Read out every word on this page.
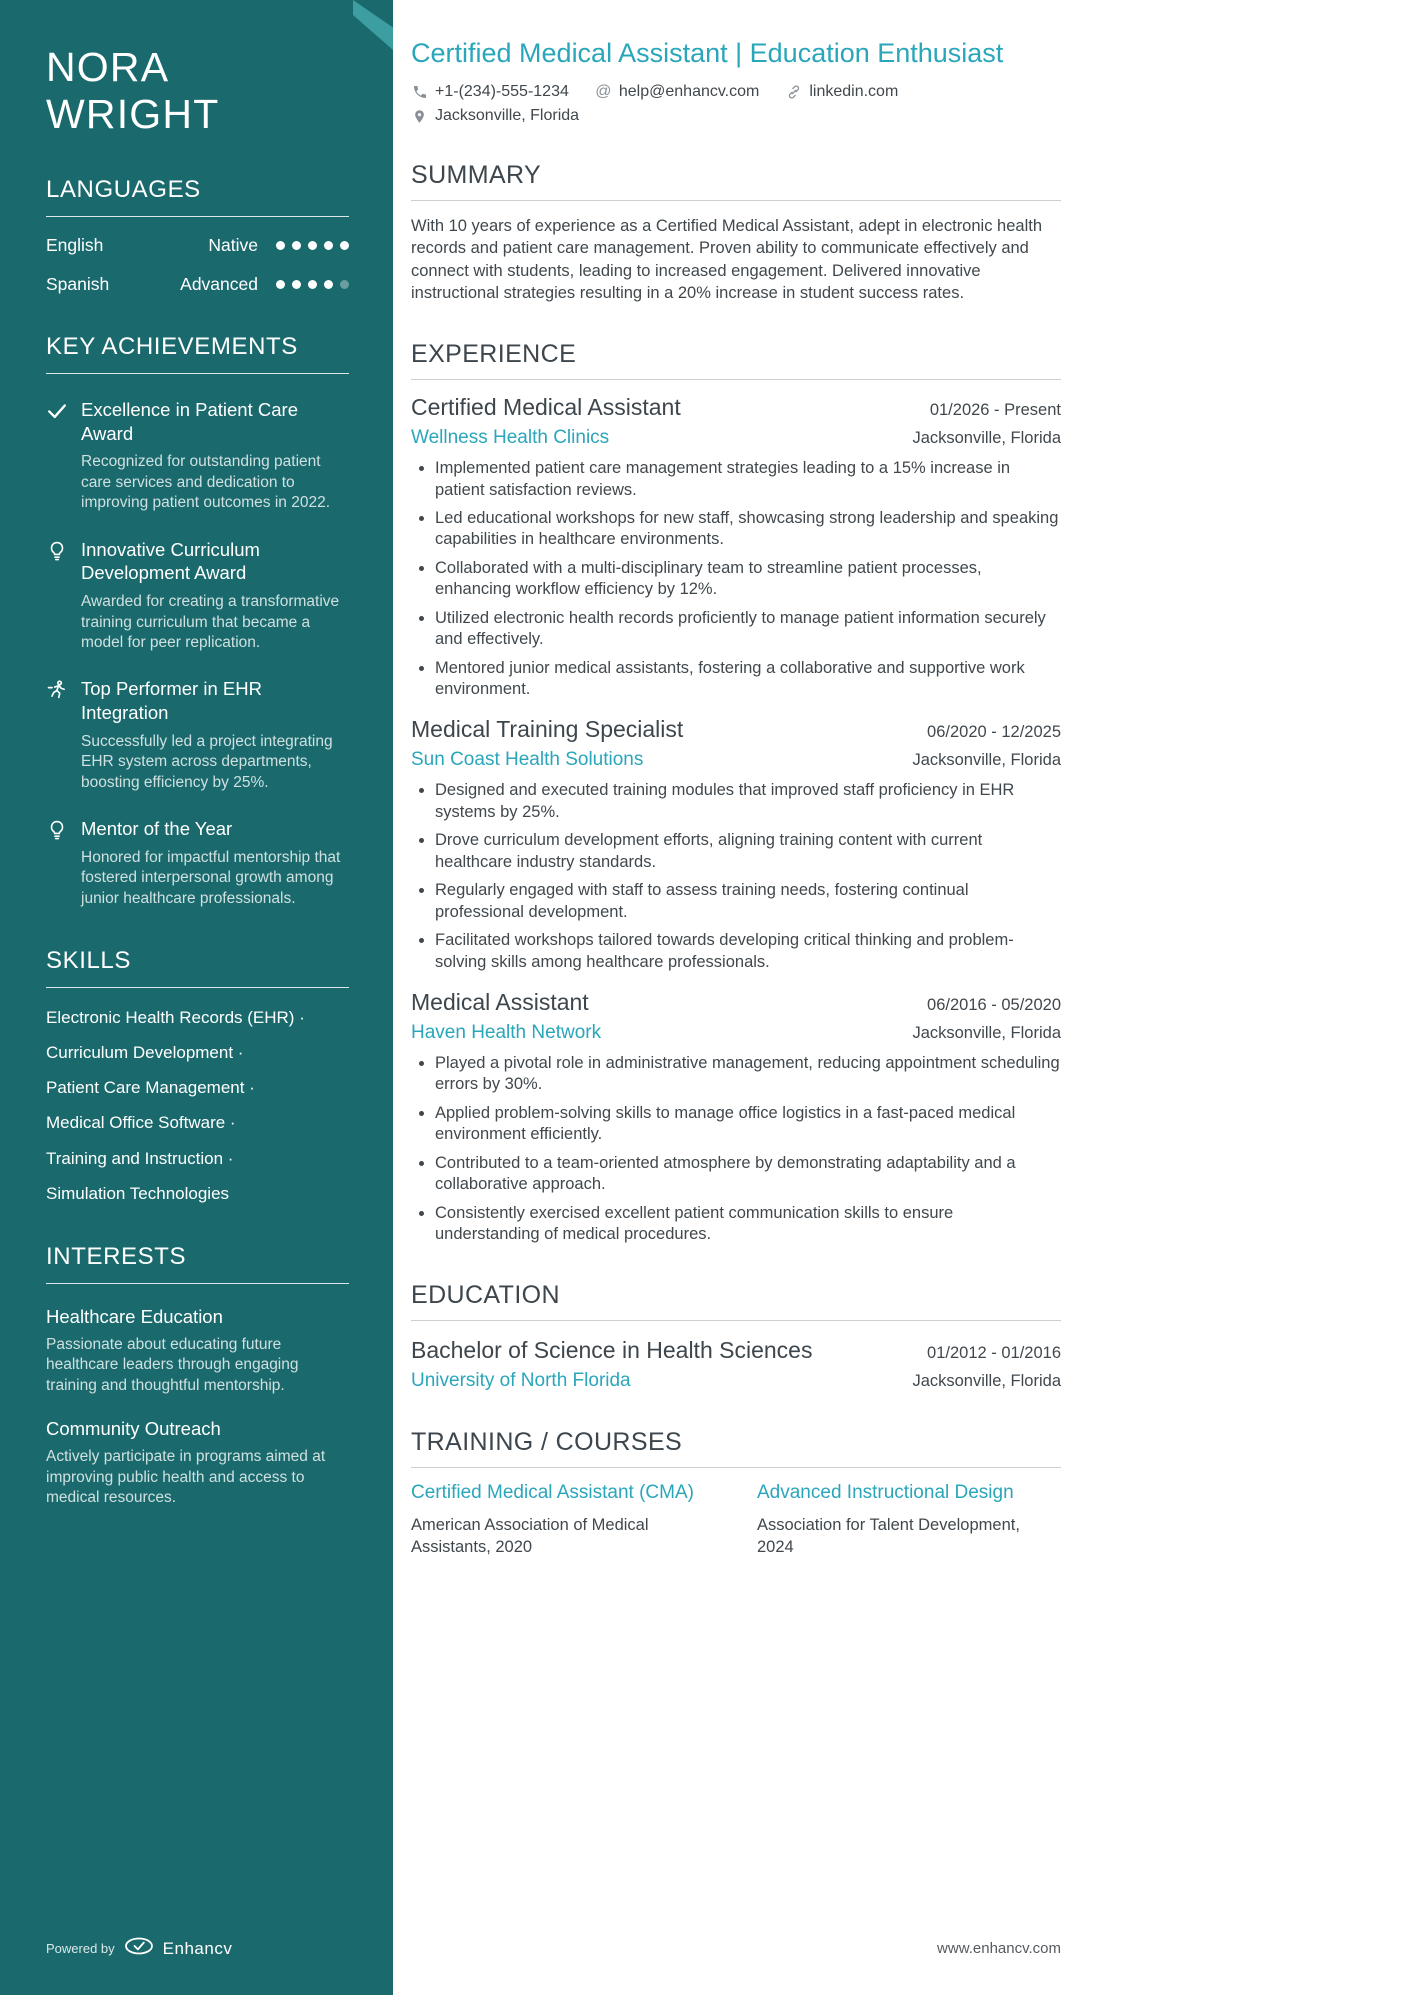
NORA WRIGHT
LANGUAGES
English	Native
Spanish	Advanced
KEY ACHIEVEMENTS
Excellence in Patient Care Award
Recognized for outstanding patient care services and dedication to improving patient outcomes in 2022.
Innovative Curriculum Development Award
Awarded for creating a transformative training curriculum that became a model for peer replication.
Top Performer in EHR Integration
Successfully led a project integrating EHR system across departments, boosting efficiency by 25%.
Mentor of the Year
Honored for impactful mentorship that fostered interpersonal growth among junior healthcare professionals.
SKILLS
Electronic Health Records (EHR) ·
Curriculum Development ·
Patient Care Management ·
Medical Office Software ·
Training and Instruction ·
Simulation Technologies
INTERESTS
Healthcare Education
Passionate about educating future healthcare leaders through engaging training and thoughtful mentorship.
Community Outreach
Actively participate in programs aimed at improving public health and access to medical resources.
Powered by	Enhancv
Certified Medical Assistant | Education Enthusiast
+1-(234)-555-1234 @ help@enhancv.com	linkedin.com
Jacksonville, Florida
SUMMARY

With 10 years of experience as a Certified Medical Assistant, adept in electronic health records and patient care management. Proven ability to communicate effectively and connect with students, leading to increased engagement. Delivered innovative instructional strategies resulting in a 20% increase in student success rates.

EXPERIENCE
Certified Medical Assistant	01/2026 - Present
Wellness Health Clinics	Jacksonville, Florida
• Implemented patient care management strategies leading to a 15% increase in patient satisfaction reviews.
• Led educational workshops for new staff, showcasing strong leadership and speaking capabilities in healthcare environments.
• Collaborated with a multi-disciplinary team to streamline patient processes, enhancing workflow efficiency by 12%.
• Utilized electronic health records proficiently to manage patient information securely and effectively.
• Mentored junior medical assistants, fostering a collaborative and supportive work environment.
Medical Training Specialist	06/2020 - 12/2025
Sun Coast Health Solutions	Jacksonville, Florida
• Designed and executed training modules that improved staff proficiency in EHR systems by 25%.
• Drove curriculum development efforts, aligning training content with current healthcare industry standards.
• Regularly engaged with staff to assess training needs, fostering continual professional development.
• Facilitated workshops tailored towards developing critical thinking and problem-solving skills among healthcare professionals.
Medical Assistant	06/2016 - 05/2020
Haven Health Network	Jacksonville, Florida
• Played a pivotal role in administrative management, reducing appointment scheduling errors by 30%.
• Applied problem-solving skills to manage office logistics in a fast-paced medical environment efficiently.
• Contributed to a team-oriented atmosphere by demonstrating adaptability and a collaborative approach.
• Consistently exercised excellent patient communication skills to ensure understanding of medical procedures.
EDUCATION
Bachelor of Science in Health Sciences	01/2012 - 01/2016
University of North Florida	Jacksonville, Florida
TRAINING / COURSES
Certified Medical Assistant (CMA)
American Association of Medical Assistants, 2020
Advanced Instructional Design
Association for Talent Development, 2024
www.enhancv.com
